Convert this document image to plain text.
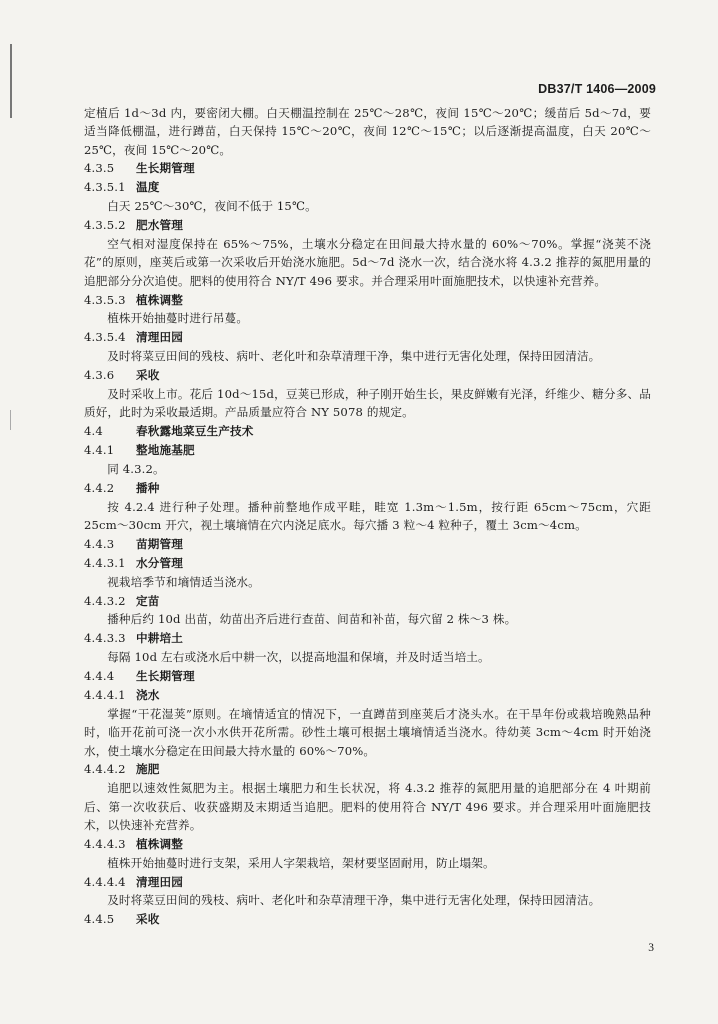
DB37/T 1406—2009
定植后 1d～3d 内，要密闭大棚。白天棚温控制在 25℃～28℃，夜间 15℃～20℃；缓苗后 5d～7d，要适当降低棚温，进行蹲苗，白天保持 15℃～20℃，夜间 12℃～15℃；以后逐渐提高温度，白天 20℃～25℃，夜间 15℃～20℃。
4.3.5 生长期管理
4.3.5.1 温度
白天 25℃～30℃，夜间不低于 15℃。
4.3.5.2 肥水管理
空气相对湿度保持在 65%～75%，土壤水分稳定在田间最大持水量的 60%～70%。掌握“浇荚不浇花”的原则，座荚后或第一次采收后开始浇水施肥。5d～7d 浇水一次，结合浇水将 4.3.2 推荐的氮肥用量的追肥部分分次追使。肥料的使用符合 NY/T 496 要求。并合理采用叶面施肥技术，以快速补充营养。
4.3.5.3 植株调整
植株开始抽蔓时进行吊蔓。
4.3.5.4 清理田园
及时将菜豆田间的残枝、病叶、老化叶和杂草清理干净，集中进行无害化处理，保持田园清洁。
4.3.6 采收
及时采收上市。花后 10d～15d，豆荚已形成，种子刚开始生长，果皮鲜嫩有光泽，纤维少、糖分多、品质好，此时为采收最适期。产品质量应符合 NY 5078 的规定。
4.4	春秋露地菜豆生产技术
4.4.1 整地施基肥
同 4.3.2。
4.4.2 播种
按 4.2.4 进行种子处理。播种前整地作成平畦，畦宽 1.3m～1.5m，按行距 65cm～75cm，穴距 25cm～30cm 开穴，视土壤墒情在穴内浇足底水。每穴播 3 粒～4 粒种子，覆土 3cm～4cm。
4.4.3 苗期管理
4.4.3.1 水分管理
视栽培季节和墒情适当浇水。
4.4.3.2 定苗
播种后约 10d 出苗，幼苗出齐后进行查苗、间苗和补苗，每穴留 2 株～3 株。
4.4.3.3 中耕培土
每隔 10d 左右或浇水后中耕一次，以提高地温和保墒，并及时适当培土。
4.4.4 生长期管理
4.4.4.1 浇水
掌握“干花湿荚”原则。在墒情适宜的情况下，一直蹲苗到座荚后才浇头水。在干旱年份或栽培晚熟品种时，临开花前可浇一次小水供开花所需。砂性土壤可根据土壤墒情适当浇水。待幼荚 3cm～4cm 时开始浇水，使土壤水分稳定在田间最大持水量的 60%～70%。
4.4.4.2 施肥
追肥以速效性氮肥为主。根据土壤肥力和生长状况，将 4.3.2 推荐的氮肥用量的追肥部分在 4 叶期前后、第一次收获后、收获盛期及末期适当追肥。肥料的使用符合 NY/T 496 要求。并合理采用叶面施肥技术，以快速补充营养。
4.4.4.3 植株调整
植株开始抽蔓时进行支架，采用人字架栽培，架材要坚固耐用，防止塌架。
4.4.4.4 清理田园
及时将菜豆田间的残枝、病叶、老化叶和杂草清理干净，集中进行无害化处理，保持田园清洁。
4.4.5 采收
3
